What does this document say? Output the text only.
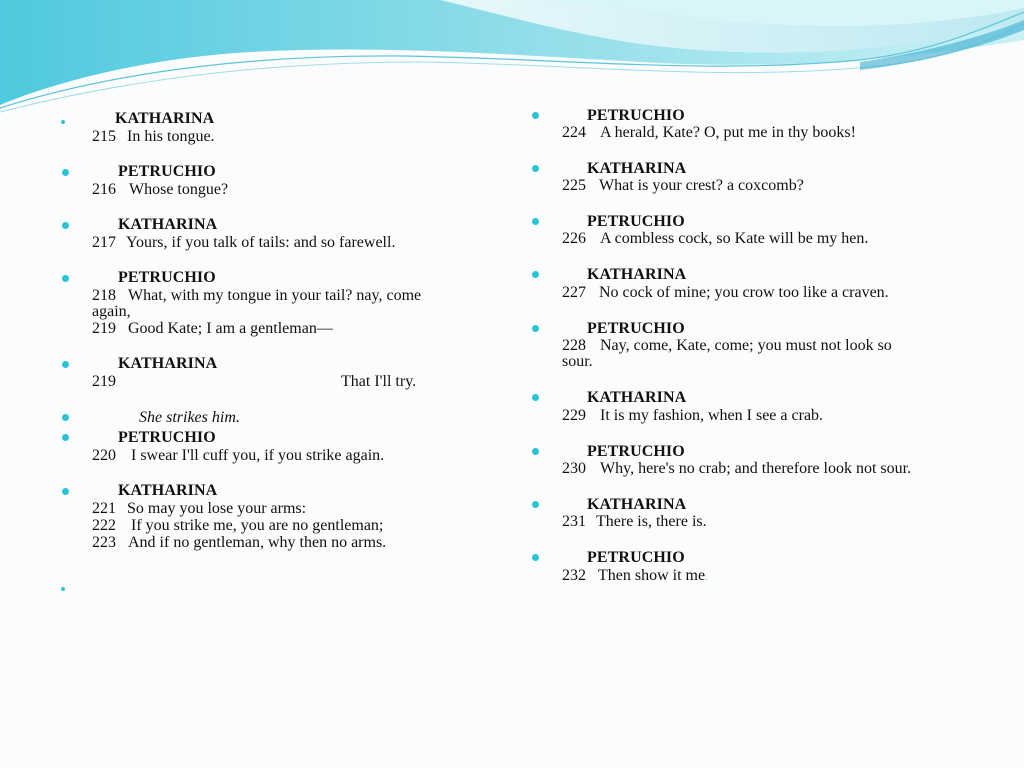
KATHARINA
215 In his tongue.
PETRUCHIO
216 Whose tongue?
KATHARINA
217 Yours, if you talk of tails: and so farewell.
PETRUCHIO
218 What, with my tongue in your tail? nay, come
again,
219 Good Kate; I am a gentleman—
KATHARINA
219	That I'll try.
She strikes him.
PETRUCHIO
220 I swear I'll cuff you, if you strike again.
KATHARINA
221 So may you lose your arms:
222 If you strike me, you are no gentleman;
223 And if no gentleman, why then no arms.
PETRUCHIO
224 A herald, Kate? O, put me in thy books!
KATHARINA
225 What is your crest? a coxcomb?
PETRUCHIO
226 A combless cock, so Kate will be my hen.
KATHARINA
227 No cock of mine; you crow too like a craven.
PETRUCHIO
228 Nay, come, Kate, come; you must not look so
sour.
KATHARINA
229 It is my fashion, when I see a crab.
PETRUCHIO
230 Why, here's no crab; and therefore look not sour.
KATHARINA
231 There is, there is.
PETRUCHIO
232 Then show it me.
